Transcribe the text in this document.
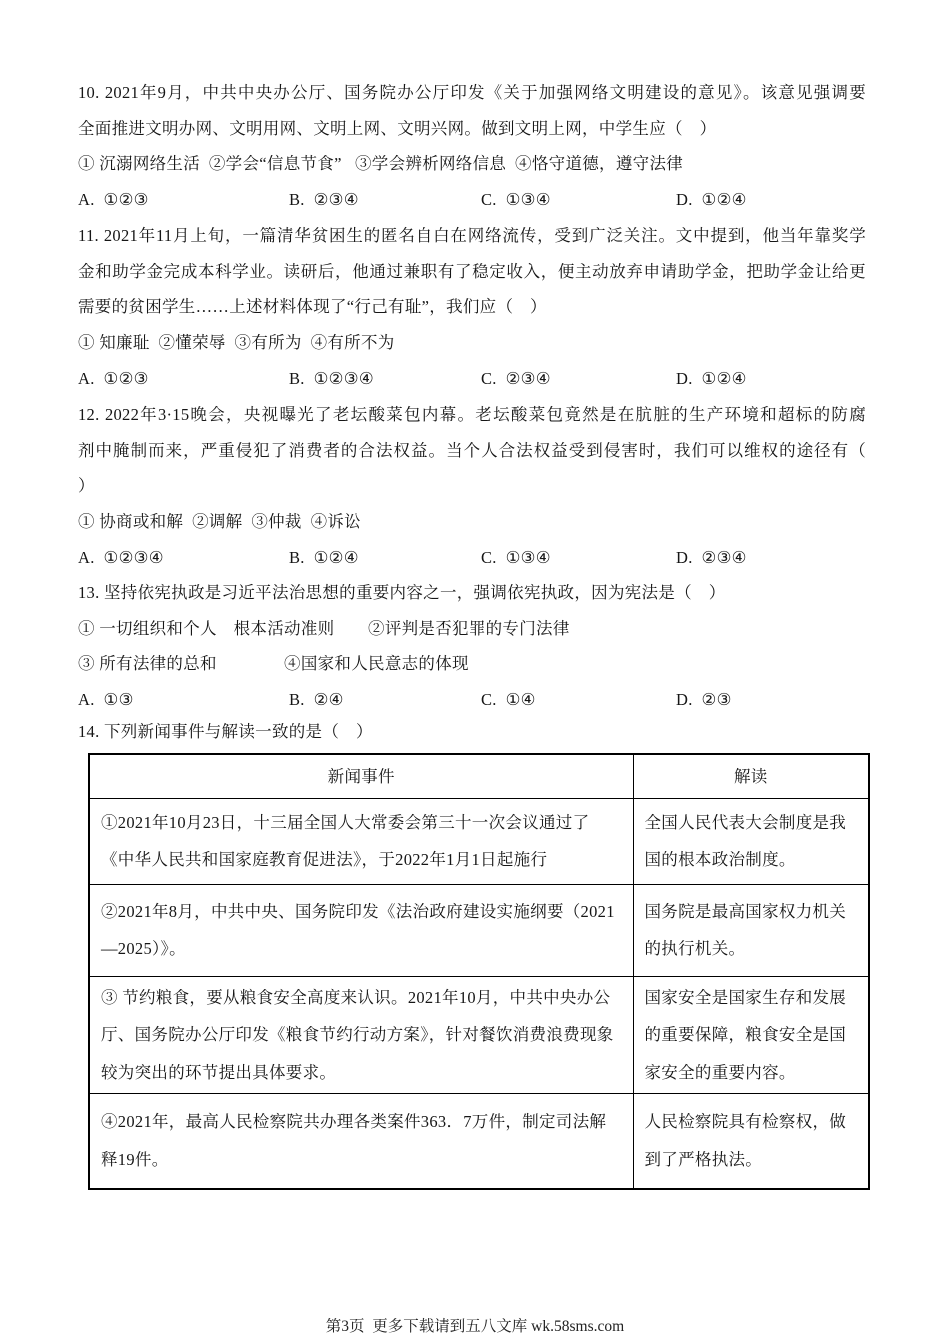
10. 2021年9月，中共中央办公厅、国务院办公厅印发《关于加强网络文明建设的意见》。该意见强调要
全面推进文明办网、文明用网、文明上网、文明兴网。做到文明上网，中学生应（　）
① 沉溺网络生活  ②学会“信息节食”   ③学会辨析网络信息  ④恪守道德，遵守法律

A.  ①②③

	B.  ②③④

	C.  ①③④

	D.  ①②④

11. 2021年11月上旬，一篇清华贫困生的匿名自白在网络流传，受到广泛关注。文中提到，他当年靠奖学
金和助学金完成本科学业。读研后，他通过兼职有了稳定收入，便主动放弃申请助学金，把助学金让给更
需要的贫困学生……上述材料体现了“行己有耻”，我们应（　）
① 知廉耻  ②懂荣辱  ③有所为  ④有所不为

A.  ①②③

	B.  ①②③④

	C.  ②③④

	D.  ①②④

12. 2022年3·15晚会，央视曝光了老坛酸菜包内幕。老坛酸菜包竟然是在肮脏的生产环境和超标的防腐
剂中腌制而来，严重侵犯了消费者的合法权益。当个人合法权益受到侵害时，我们可以维权的途径有（
）
① 协商或和解  ②调解  ③仲裁  ④诉讼

A.  ①②③④

	B.  ①②④

	C.  ①③④

	D.  ②③④

13. 坚持依宪执政是习近平法治思想的重要内容之一，强调依宪执政，因为宪法是（　）
① 一切组织和个人　根本活动准则　　②评判是否犯罪的专门法律
③ 所有法律的总和　　　　④国家和人民意志的体现

A.  ①③

	B.  ②④

	C.  ①④

	D.  ②③

14. 下列新闻事件与解读一致的是（　）
新闻事件	解读
①2021年10月23日，十三届全国人大常委会第三十一次会议通过了《中华人民共和国家庭教育促进法》，于2022年1月1日起施行	全国人民代表大会制度是我国的根本政治制度。
②2021年8月，中共中央、国务院印发《法治政府建设实施纲要（2021—2025）》。	国务院是最高国家权力机关的执行机关。
③ 节约粮食，要从粮食安全高度来认识。2021年10月，中共中央办公厅、国务院办公厅印发《粮食节约行动方案》，针对餐饮消费浪费现象较为突出的环节提出具体要求。	国家安全是国家生存和发展的重要保障，粮食安全是国家安全的重要内容。
④2021年，最高人民检察院共办理各类案件363．7万件，制定司法解释19件。	人民检察院具有检察权，做到了严格执法。
第3页  更多下载请到五八文库 wk.58sms.com
